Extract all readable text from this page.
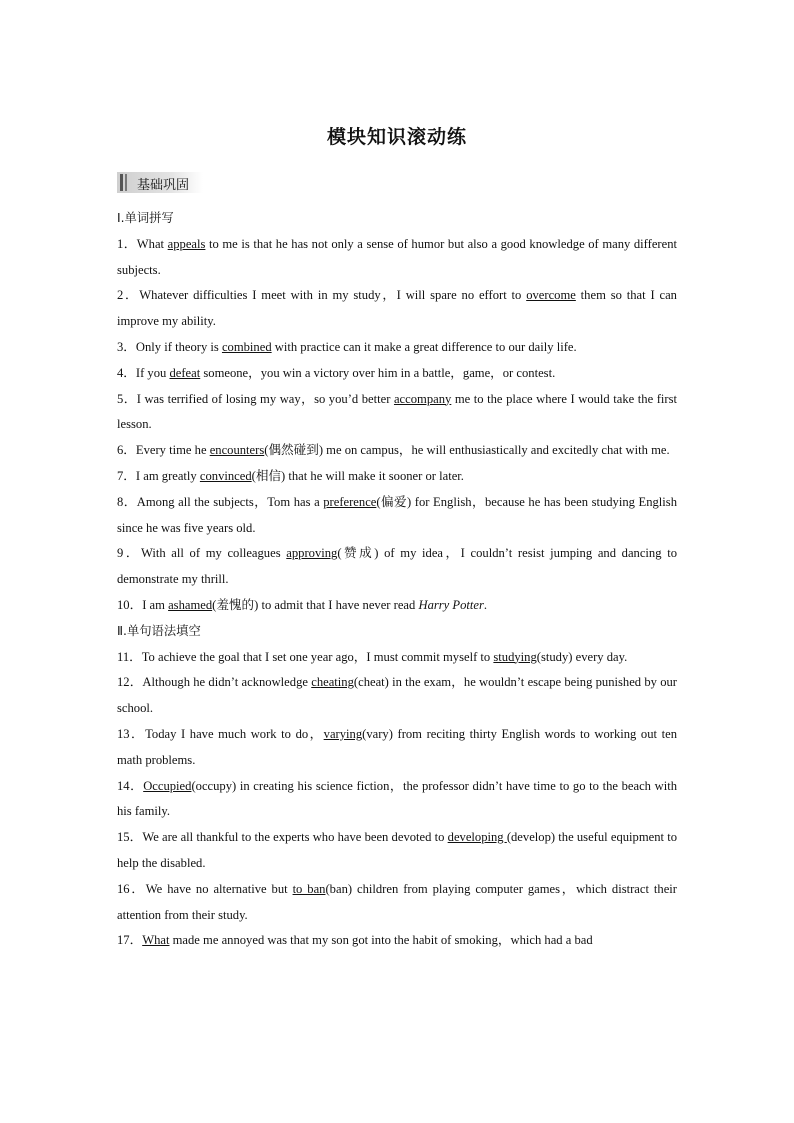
模块知识滚动练
基础巩固

Ⅰ.单词拼写

1．What appeals to me is that he has not only a sense of humor but also a good knowledge of many different subjects.

2．Whatever difficulties I meet with in my study，I will spare no effort to overcome them so that I can improve my ability.

3．Only if theory is combined with practice can it make a great difference to our daily life.

4．If you defeat someone，you win a victory over him in a battle，game，or contest.

5．I was terrified of losing my way，so you’d better accompany me to the place where I would take the first lesson.

6．Every time he encounters(偶然碰到) me on campus，he will enthusiastically and excitedly chat with me.

7．I am greatly convinced(相信) that he will make it sooner or later.

8．Among all the subjects，Tom has a preference(偏爱) for English，because he has been studying English since he was five years old.

9．With all of my colleagues approving(赞成) of my idea，I couldn’t resist jumping and dancing to demonstrate my thrill.

10．I am ashamed(羞愧的) to admit that I have never read Harry Potter.

Ⅱ.单句语法填空

11．To achieve the goal that I set one year ago，I must commit myself to studying(study) every day.

12．Although he didn’t acknowledge cheating(cheat) in the exam，he wouldn’t escape being punished by our school.

13．Today I have much work to do，varying(vary) from reciting thirty English words to working out ten math problems.

14．Occupied(occupy) in creating his science fiction，the professor didn’t have time to go to the beach with his family.

15．We are all thankful to the experts who have been devoted to developing (develop) the useful equipment to help the disabled.

16．We have no alternative but to ban(ban) children from playing computer games，which distract their attention from their study.

17．What made me annoyed was that my son got into the habit of smoking，which had a bad
